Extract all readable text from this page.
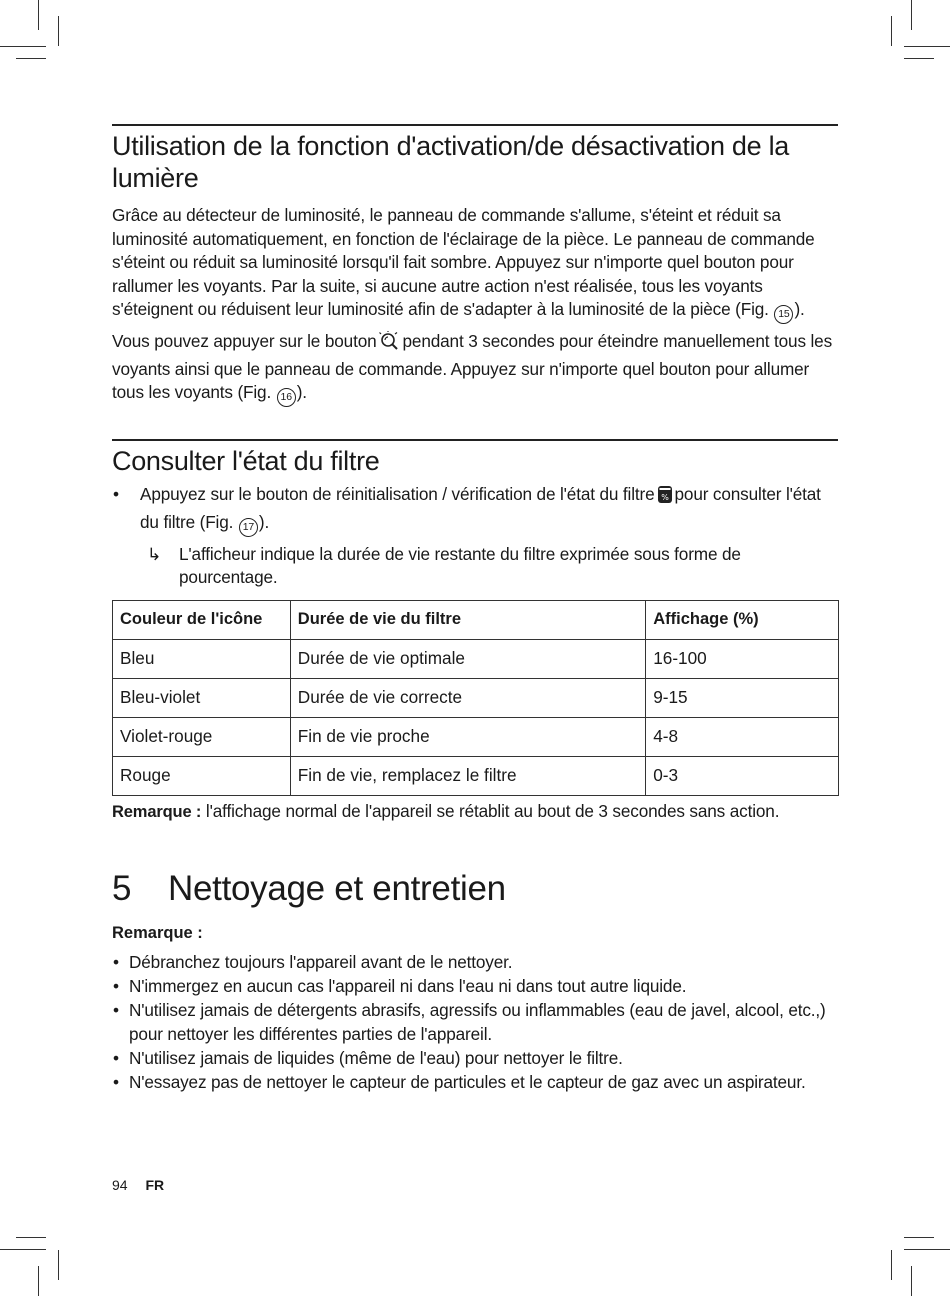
Utilisation de la fonction d'activation/de désactivation de la lumière

Grâce au détecteur de luminosité, le panneau de commande s'allume, s'éteint et réduit sa luminosité automatiquement, en fonction de l'éclairage de la pièce. Le panneau de commande s'éteint ou réduit sa luminosité lorsqu'il fait sombre. Appuyez sur n'importe quel bouton pour rallumer les voyants. Par la suite, si aucune autre action n'est réalisée, tous les voyants s'éteignent ou réduisent leur luminosité afin de s'adapter à la luminosité de la pièce (Fig. 15 ).

Vous pouvez appuyer sur le bouton pendant 3 secondes pour éteindre manuellement tous les voyants ainsi que le panneau de commande. Appuyez sur n'importe quel bouton pour allumer tous les voyants (Fig. 16 ).

Consulter l'état du filtre
• Appuyez sur le bouton de réinitialisation / vérification de l'état du filtre % pour consulter l'état du filtre (Fig. 17 ).
↳ L'afficheur indique la durée de vie restante du filtre exprimée sous forme de pourcentage.
Couleur de l'icône	Durée de vie du filtre	Affichage (%)
Bleu	Durée de vie optimale	16-100
Bleu-violet	Durée de vie correcte	9-15
Violet-rouge	Fin de vie proche	4-8
Rouge	Fin de vie, remplacez le filtre	0-3

Remarque : l'affichage normal de l'appareil se rétablit au bout de 3 secondes sans action.

5 Nettoyage et entretien
Remarque :
• Débranchez toujours l'appareil avant de le nettoyer.
• N'immergez en aucun cas l'appareil ni dans l'eau ni dans tout autre liquide.
• N'utilisez jamais de détergents abrasifs, agressifs ou inflammables (eau de javel, alcool, etc.,) pour nettoyer les différentes parties de l'appareil.
• N'utilisez jamais de liquides (même de l'eau) pour nettoyer le filtre.
• N'essayez pas de nettoyer le capteur de particules et le capteur de gaz avec un aspirateur.
94 FR
